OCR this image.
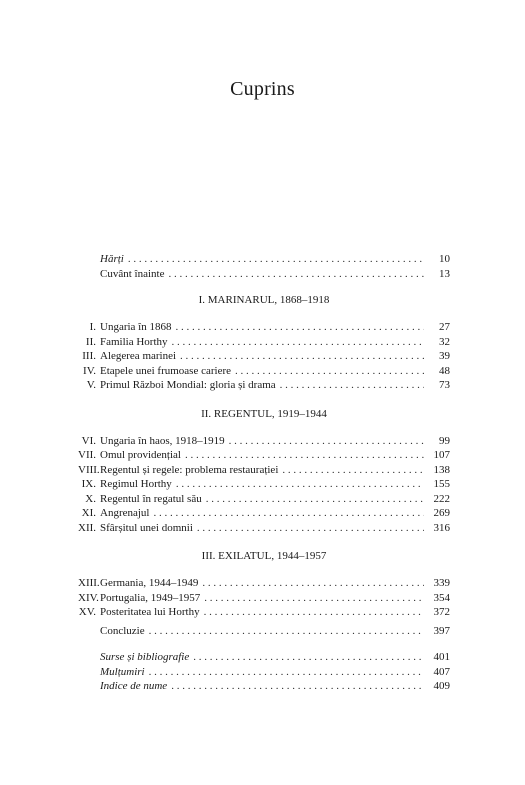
Cuprins
Hărți . . .	10
Cuvânt înainte . . .	13
I. MARINARUL, 1868–1918
I. Ungaria în 1868 . . .	27
II. Familia Horthy . . .	32
III. Alegerea marinei . . .	39
IV. Etapele unei frumoase cariere . . .	48
V. Primul Război Mondial: gloria și drama . . .	73
II. REGENTUL, 1919–1944
VI. Ungaria în haos, 1918–1919 . . .	99
VII. Omul providențial . . .	107
VIII. Regentul și regele: problema restaurației . . .	138
IX. Regimul Horthy . . .	155
X. Regentul în regatul său . . .	222
XI. Angrenajul . . .	269
XII. Sfârșitul unei domnii . . .	316
III. EXILATUL, 1944–1957
XIII. Germania, 1944–1949 . . .	339
XIV. Portugalia, 1949–1957 . . .	354
XV. Posteritatea lui Horthy . . .	372
Concluzie . . .	397
Surse și bibliografie . . .	401
Mulțumiri . . .	407
Indice de nume . . .	409
